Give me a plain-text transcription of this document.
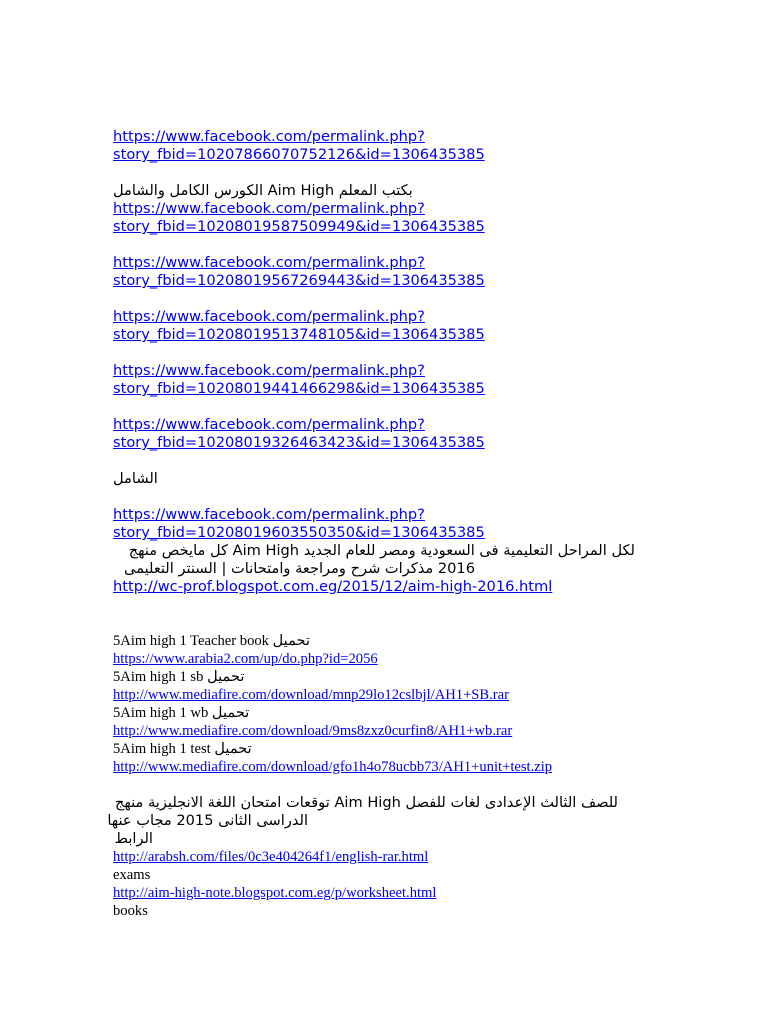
https://www.facebook.com/permalink.php?
story_fbid=10207866070752126&id=1306435385
بكتب المعلم Aim High الكورس الكامل والشامل
https://www.facebook.com/permalink.php?
story_fbid=10208019587509949&id=1306435385
https://www.facebook.com/permalink.php?
story_fbid=10208019567269443&id=1306435385
https://www.facebook.com/permalink.php?
story_fbid=10208019513748105&id=1306435385
https://www.facebook.com/permalink.php?
story_fbid=10208019441466298&id=1306435385
https://www.facebook.com/permalink.php?
story_fbid=10208019326463423&id=1306435385
الشامل
https://www.facebook.com/permalink.php?
story_fbid=10208019603550350&id=1306435385
لكل المراحل التعليمية فى السعودية ومصر للعام الجديد Aim High كل مايخص منهج
2016 مذكرات شرح ومراجعة وامتحانات | السنتر التعليمى
http://wc-prof.blogspot.com.eg/2015/12/aim-high-2016.html
5Aim high 1 Teacher book تحميل
https://www.arabia2.com/up/do.php?id=2056
5Aim high 1 sb تحميل
http://www.mediafire.com/download/mnp29lo12cslbjl/AH1+SB.rar
5Aim high 1 wb تحميل
http://www.mediafire.com/download/9ms8zxz0curfin8/AH1+wb.rar
5Aim high 1 test تحميل
http://www.mediafire.com/download/gfo1h4o78ucbb73/AH1+unit+test.zip
للصف الثالث الإعدادى لغات للفصل Aim High توقعات امتحان اللغة الانجليزية منهج
الدراسى الثانى 2015 مجاب عنها
الرابط
http://arabsh.com/files/0c3e404264f1/english-rar.html
exams
http://aim-high-note.blogspot.com.eg/p/worksheet.html
books
